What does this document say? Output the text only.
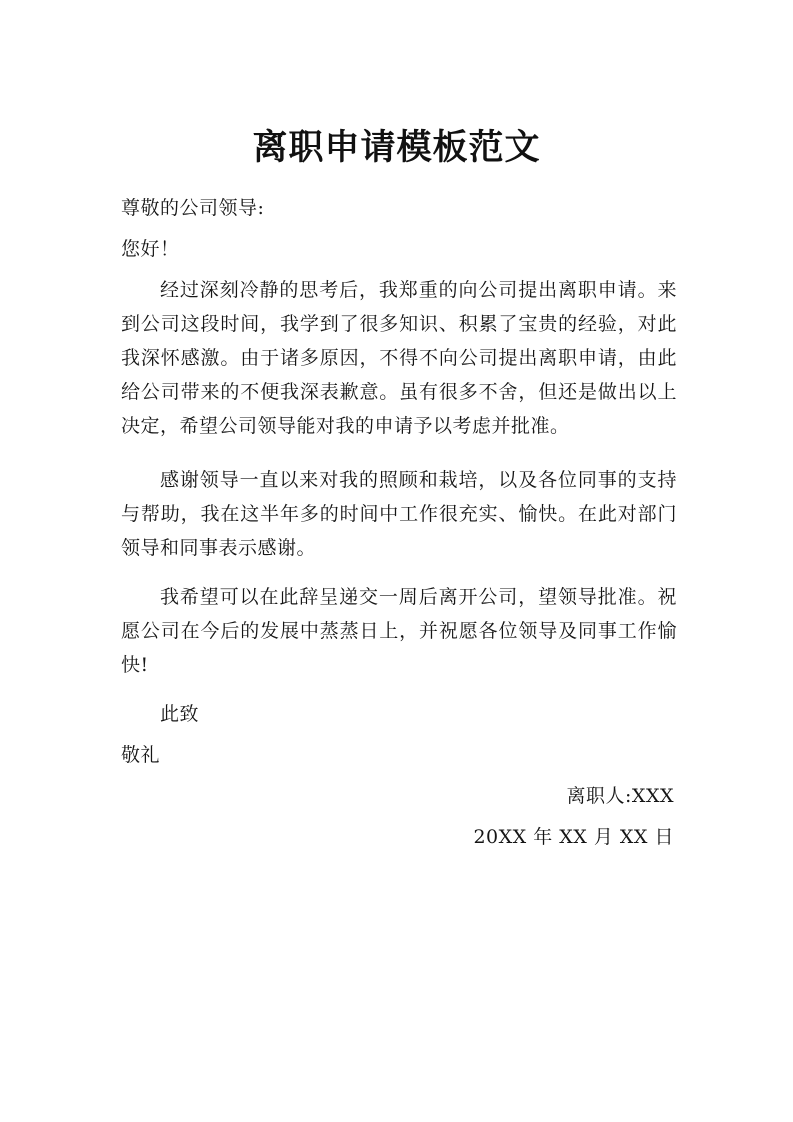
离职申请模板范文
尊敬的公司领导:
您好！
经过深刻冷静的思考后，我郑重的向公司提出离职申请。来到公司这段时间，我学到了很多知识、积累了宝贵的经验，对此我深怀感激。由于诸多原因，不得不向公司提出离职申请，由此给公司带来的不便我深表歉意。虽有很多不舍，但还是做出以上决定，希望公司领导能对我的申请予以考虑并批准。
感谢领导一直以来对我的照顾和栽培，以及各位同事的支持与帮助，我在这半年多的时间中工作很充实、愉快。在此对部门领导和同事表示感谢。
我希望可以在此辞呈递交一周后离开公司，望领导批准。祝愿公司在今后的发展中蒸蒸日上，并祝愿各位领导及同事工作愉快!
此致
敬礼
离职人:XXX
20XX 年 XX 月 XX 日
